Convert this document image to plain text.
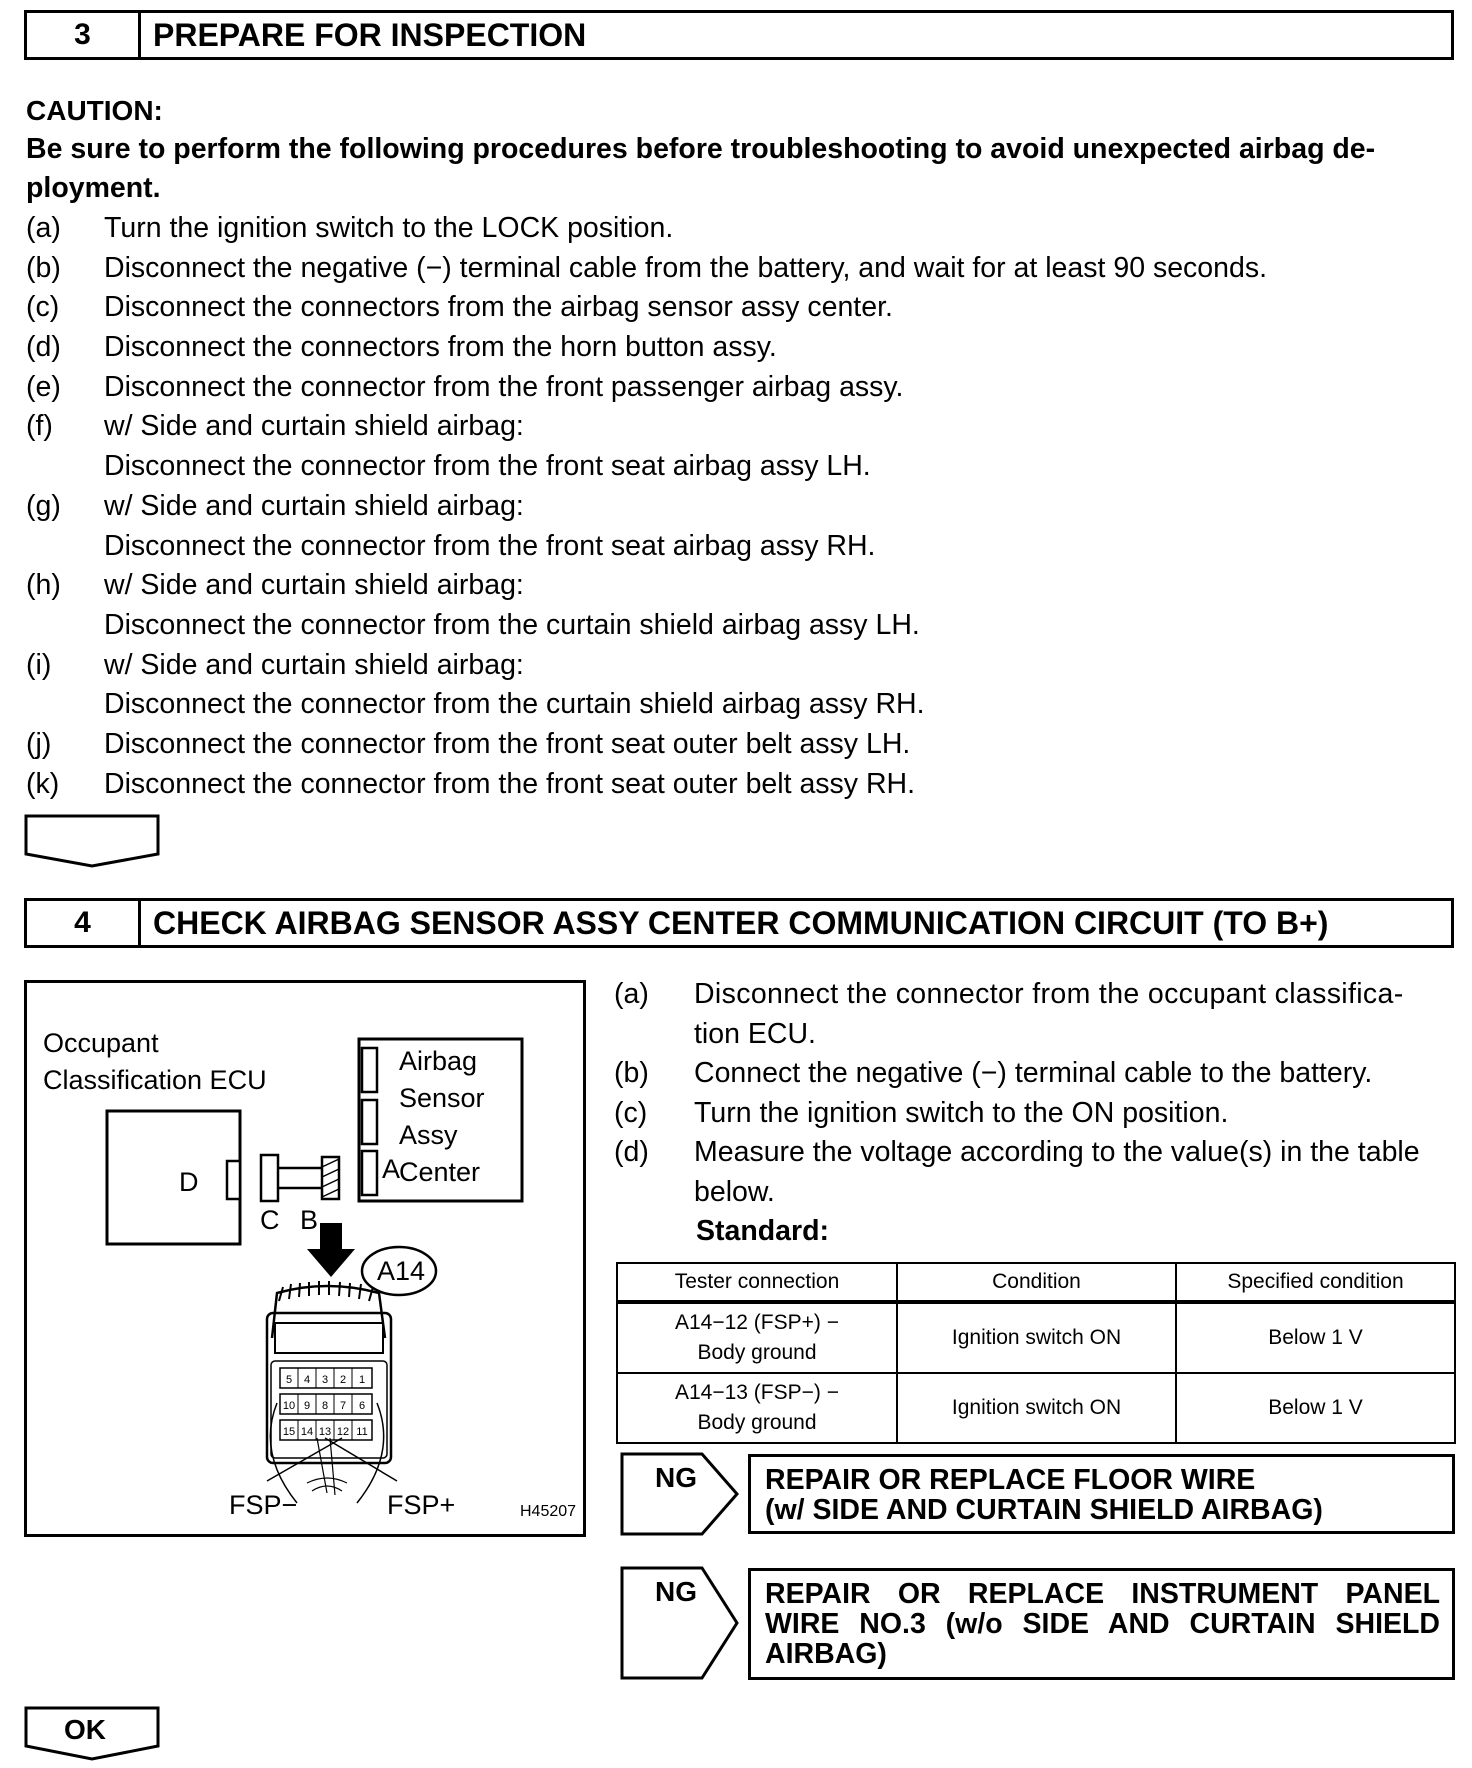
3	PREPARE FOR INSPECTION
CAUTION:
Be sure to perform the following procedures before troubleshooting to avoid unexpected airbag de-
ployment.
(a)	Turn the ignition switch to the LOCK position.
(b)	Disconnect the negative (−) terminal cable from the battery, and wait for at least 90 seconds.
(c)	Disconnect the connectors from the airbag sensor assy center.
(d)	Disconnect the connectors from the horn button assy.
(e)	Disconnect the connector from the front passenger airbag assy.
(f)	w/ Side and curtain shield airbag:
Disconnect the connector from the front seat airbag assy LH.
(g)	w/ Side and curtain shield airbag:
Disconnect the connector from the front seat airbag assy RH.
(h)	w/ Side and curtain shield airbag:
Disconnect the connector from the curtain shield airbag assy LH.
(i)	w/ Side and curtain shield airbag:
Disconnect the connector from the curtain shield airbag assy RH.
(j)	Disconnect the connector from the front seat outer belt assy LH.
(k)	Disconnect the connector from the front seat outer belt assy RH.
4	CHECK AIRBAG SENSOR ASSY CENTER COMMUNICATION CIRCUIT (TO B+)
5 4 3 2 1
10 9 8 7 6
15 14 13 12 11
Occupant
Classification ECU
Airbag
Sensor
Assy
Center
D	A
B
C
A14
FSP−	FSP+	H45207
(a)	Disconnect the connector from the occupant classifica-
tion ECU.
(b)	Connect the negative (−) terminal cable to the battery.
(c)	Turn the ignition switch to the ON position.
(d)	Measure the voltage according to the value(s) in the table
below.
Standard:
Tester connection	Condition	Specified condition

A14−12 (FSP+) −
Body ground	Ignition switch ON	Below 1 V

A14−13 (FSP−) −
Body ground	Ignition switch ON	Below 1 V
NG REPAIR OR REPLACE FLOOR WIRE
(w/ SIDE AND CURTAIN SHIELD AIRBAG)
NG REPAIR OR REPLACE INSTRUMENT PANEL
WIRE NO.3 (w/o SIDE AND CURTAIN SHIELD
AIRBAG)
OK
